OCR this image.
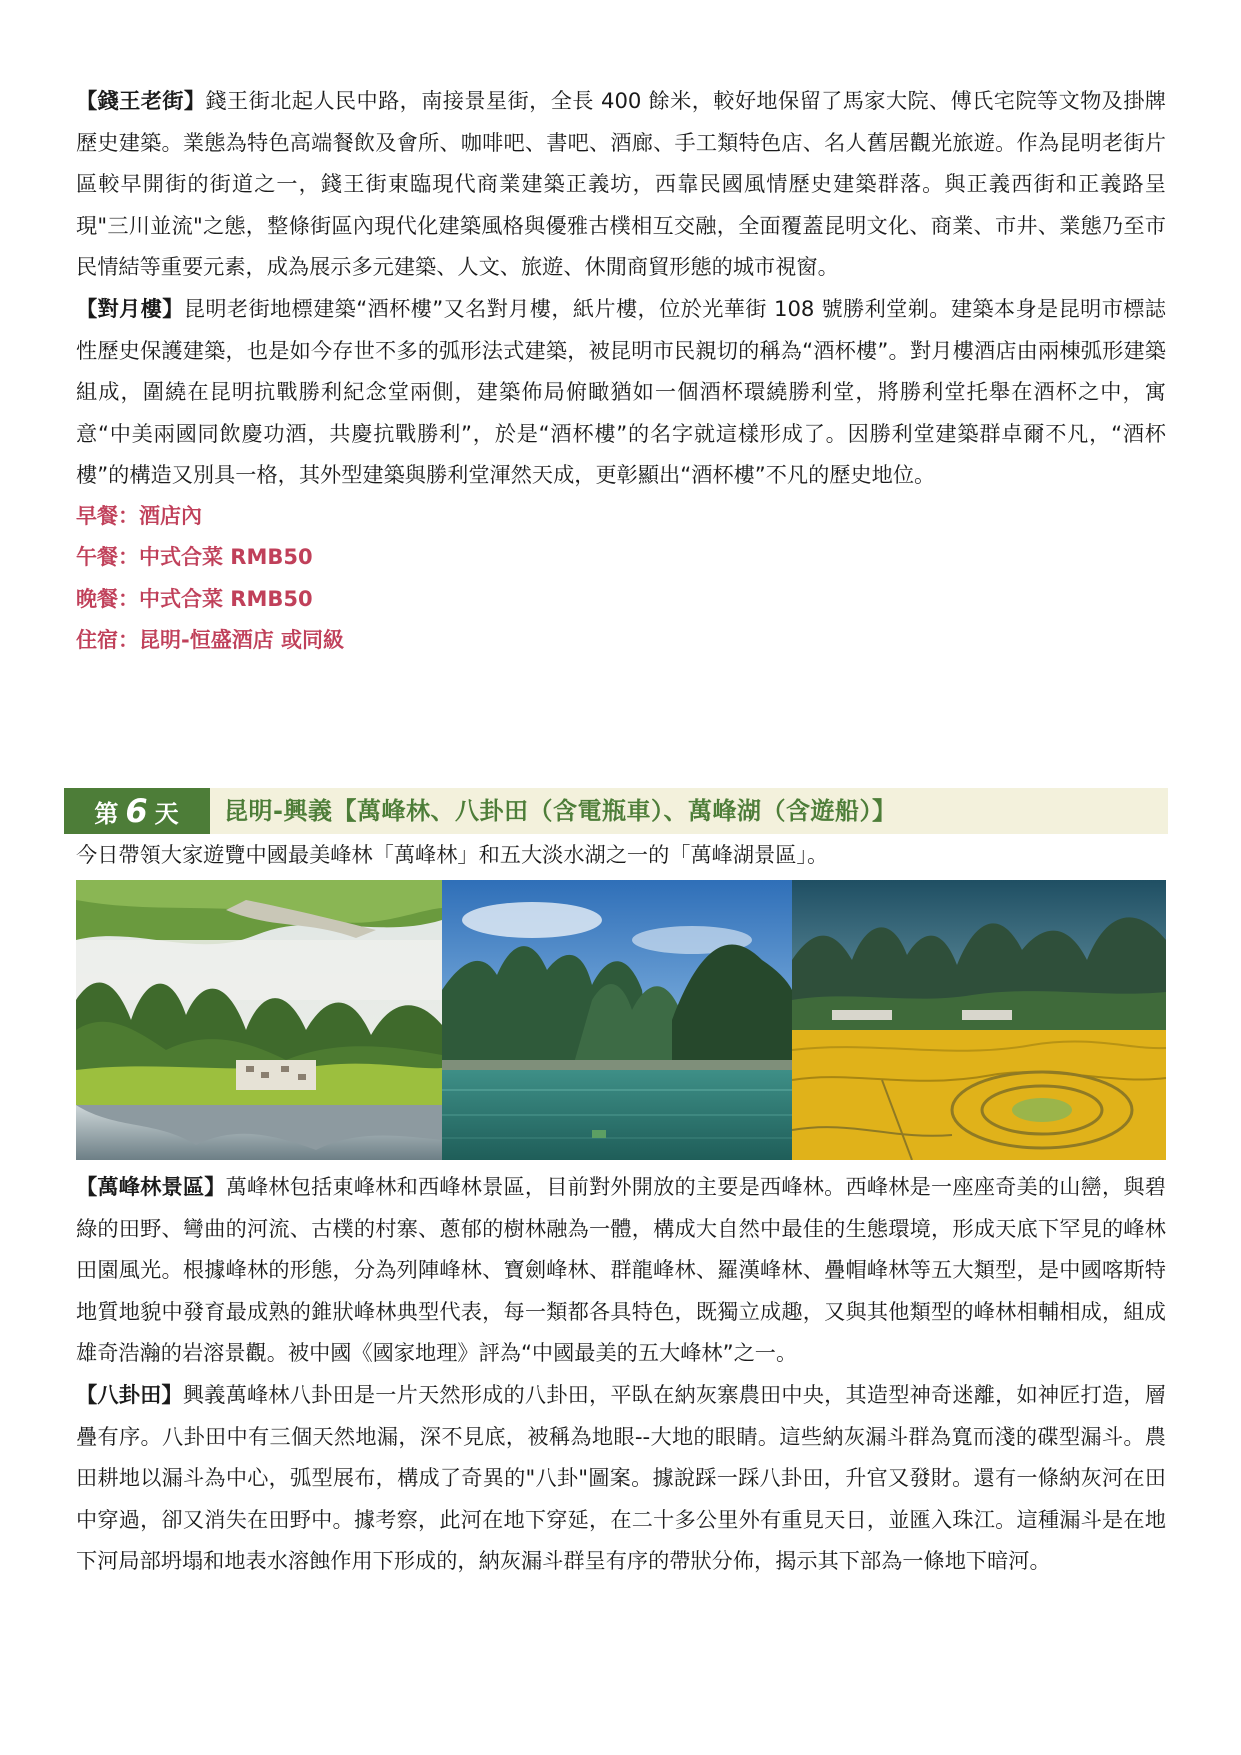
【錢王老街】錢王街北起人民中路，南接景星街，全長 400 餘米，較好地保留了馬家大院、傅氏宅院等文物及掛牌歷史建築。業態為特色高端餐飲及會所、咖啡吧、書吧、酒廊、手工類特色店、名人舊居觀光旅遊。作為昆明老街片區較早開街的街道之一，錢王街東臨現代商業建築正義坊，西靠民國風情歷史建築群落。與正義西街和正義路呈現"三川並流"之態，整條街區內現代化建築風格與優雅古樸相互交融，全面覆蓋昆明文化、商業、市井、業態乃至市民情結等重要元素，成為展示多元建築、人文、旅遊、休閒商貿形態的城市視窗。

【對月樓】昆明老街地標建築“酒杯樓”又名對月樓，紙片樓，位於光華街 108 號勝利堂剃。建築本身是昆明市標誌性歷史保護建築，也是如今存世不多的弧形法式建築，被昆明市民親切的稱為“酒杯樓”。對月樓酒店由兩棟弧形建築組成，圍繞在昆明抗戰勝利紀念堂兩側，建築佈局俯瞰猶如一個酒杯環繞勝利堂，將勝利堂托舉在酒杯之中，寓意“中美兩國同飲慶功酒，共慶抗戰勝利”，於是“酒杯樓”的名字就這樣形成了。因勝利堂建築群卓爾不凡，“酒杯樓”的構造又別具一格，其外型建築與勝利堂渾然天成，更彰顯出“酒杯樓”不凡的歷史地位。

早餐：酒店內
午餐：中式合菜 RMB50
晚餐：中式合菜 RMB50
住宿：昆明-恒盛酒店 或同級
第 6 天 昆明-興義【萬峰林、八卦田（含電瓶車）、萬峰湖（含遊船）】
今日帶領大家遊覽中國最美峰林「萬峰林」和五大淡水湖之一的「萬峰湖景區」。

【萬峰林景區】萬峰林包括東峰林和西峰林景區，目前對外開放的主要是西峰林。西峰林是一座座奇美的山巒，與碧綠的田野、彎曲的河流、古樸的村寨、蔥郁的樹林融為一體，構成大自然中最佳的生態環境，形成天底下罕見的峰林田園風光。根據峰林的形態，分為列陣峰林、寶劍峰林、群龍峰林、羅漢峰林、疊帽峰林等五大類型，是中國喀斯特地質地貌中發育最成熟的錐狀峰林典型代表，每一類都各具特色，既獨立成趣，又與其他類型的峰林相輔相成，組成雄奇浩瀚的岩溶景觀。被中國《國家地理》評為“中國最美的五大峰林”之一。

【八卦田】興義萬峰林八卦田是一片天然形成的八卦田，平臥在納灰寨農田中央，其造型神奇迷離，如神匠打造，層疊有序。八卦田中有三個天然地漏，深不見底，被稱為地眼--大地的眼睛。這些納灰漏斗群為寬而淺的碟型漏斗。農田耕地以漏斗為中心，弧型展布，構成了奇異的"八卦"圖案。據說踩一踩八卦田，升官又發財。還有一條納灰河在田中穿過，卻又消失在田野中。據考察，此河在地下穿延，在二十多公里外有重見天日，並匯入珠江。這種漏斗是在地下河局部坍塌和地表水溶蝕作用下形成的，納灰漏斗群呈有序的帶狀分佈，揭示其下部為一條地下暗河。
